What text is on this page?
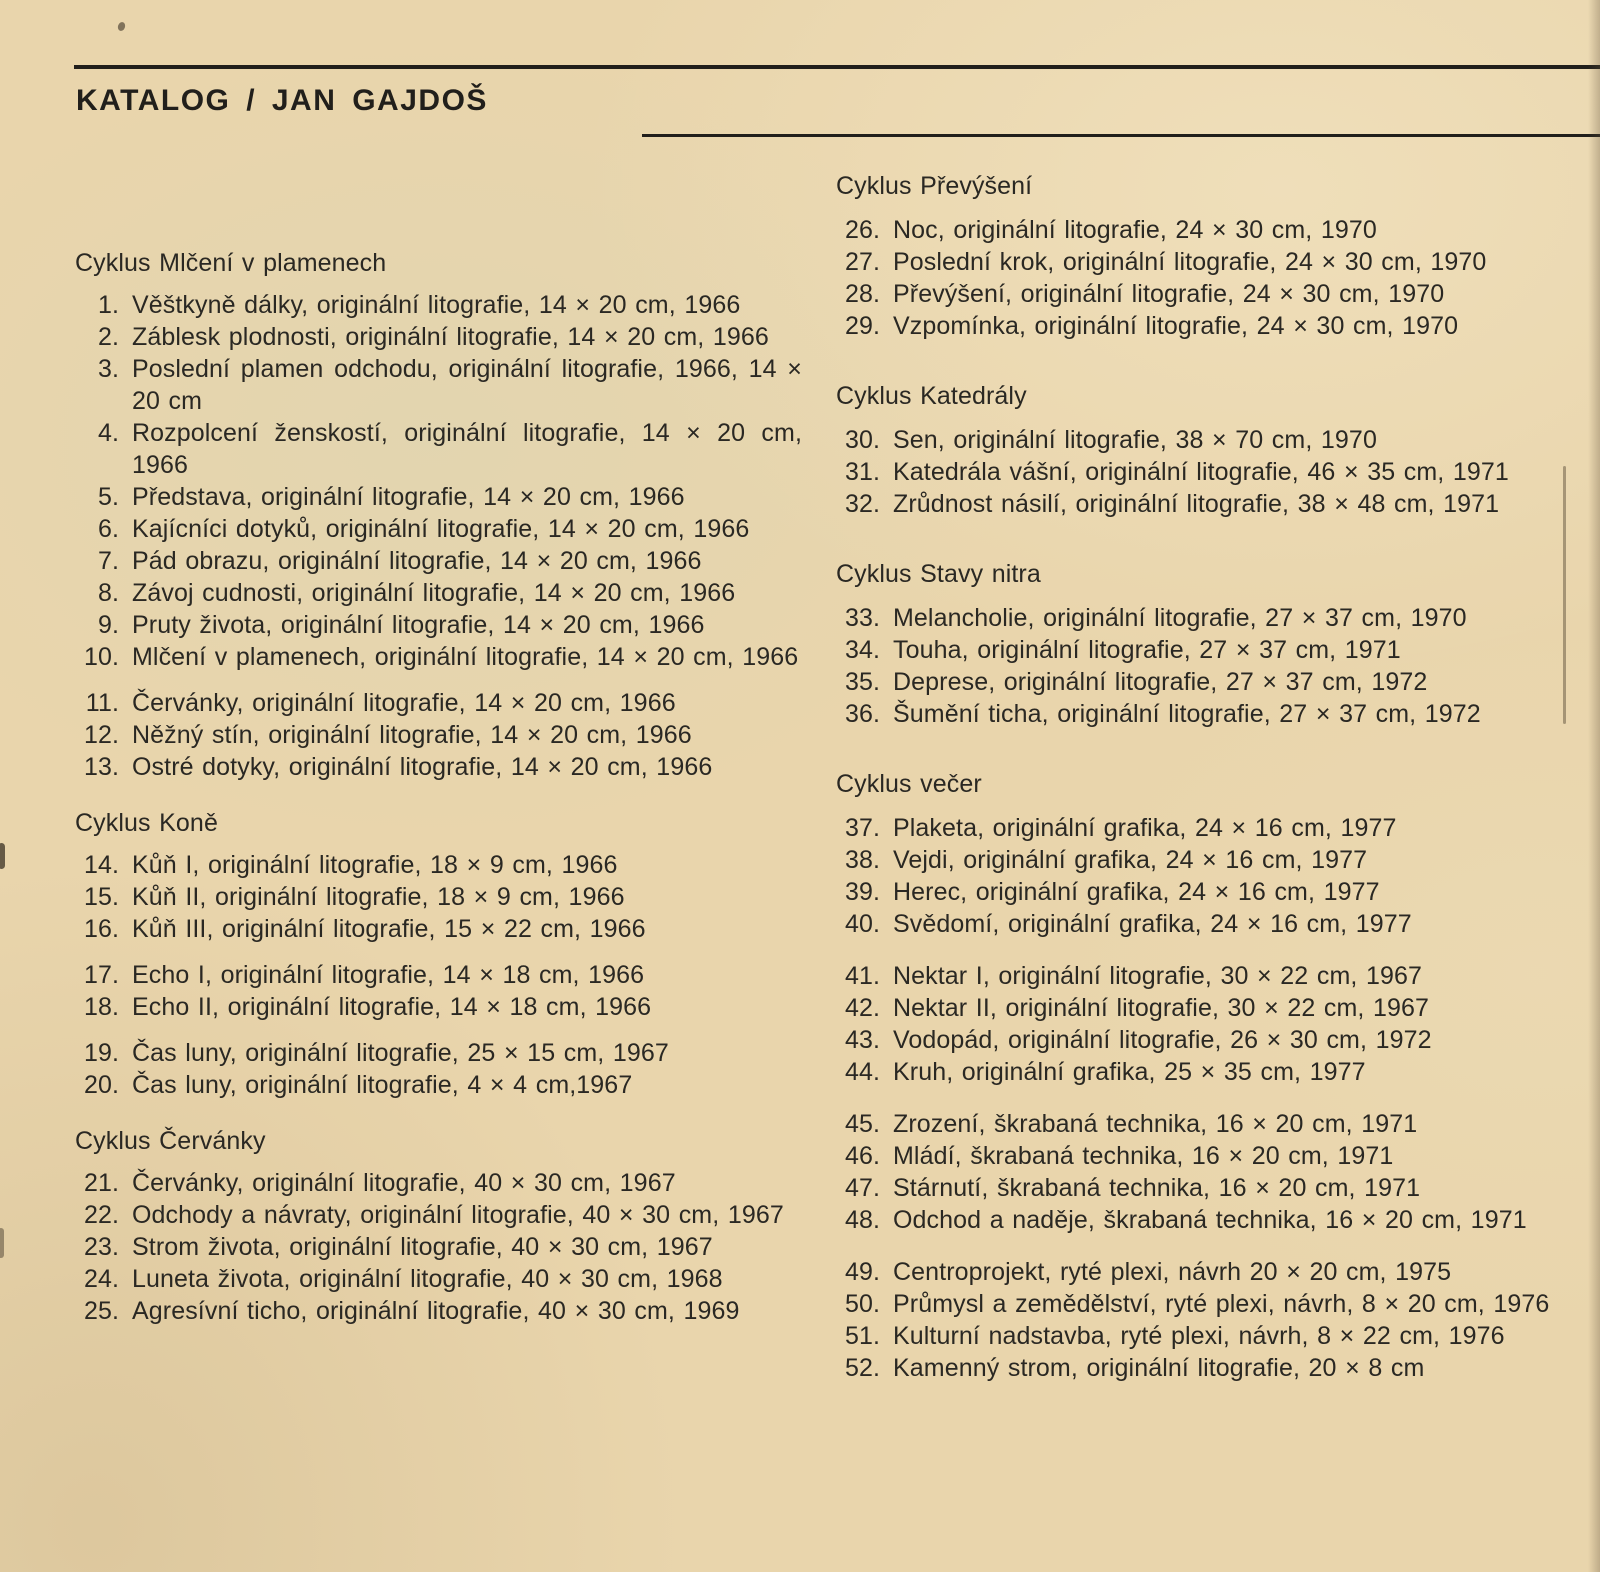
KATALOG / JAN GAJDOŠ
Cyklus Mlčení v plamenech
1. Věštkyně dálky, originální litografie, 14 × 20 cm, 1966
2. Záblesk plodnosti, originální litografie, 14 × 20 cm, 1966
3. Poslední plamen odchodu, originální litografie, 1966, 14 × 20 cm
4. Rozpolcení ženskostí, originální litografie, 14 × 20 cm, 1966
5. Představa, originální litografie, 14 × 20 cm, 1966
6. Kajícníci dotyků, originální litografie, 14 × 20 cm, 1966
7. Pád obrazu, originální litografie, 14 × 20 cm, 1966
8. Závoj cudnosti, originální litografie, 14 × 20 cm, 1966
9. Pruty života, originální litografie, 14 × 20 cm, 1966
10. Mlčení v plamenech, originální litografie, 14 × 20 cm, 1966
11. Červánky, originální litografie, 14 × 20 cm, 1966
12. Něžný stín, originální litografie, 14 × 20 cm, 1966
13. Ostré dotyky, originální litografie, 14 × 20 cm, 1966
Cyklus Koně
14. Kůň I, originální litografie, 18 × 9 cm, 1966
15. Kůň II, originální litografie, 18 × 9 cm, 1966
16. Kůň III, originální litografie, 15 × 22 cm, 1966
17. Echo I, originální litografie, 14 × 18 cm, 1966
18. Echo II, originální litografie, 14 × 18 cm, 1966
19. Čas luny, originální litografie, 25 × 15 cm, 1967
20. Čas luny, originální litografie, 4 × 4 cm,1967
Cyklus Červánky
21. Červánky, originální litografie, 40 × 30 cm, 1967
22. Odchody a návraty, originální litografie, 40 × 30 cm, 1967
23. Strom života, originální litografie, 40 × 30 cm, 1967
24. Luneta života, originální litografie, 40 × 30 cm, 1968
25. Agresívní ticho, originální litografie, 40 × 30 cm, 1969
Cyklus Převýšení
26. Noc, originální litografie, 24 × 30 cm, 1970
27. Poslední krok, originální litografie, 24 × 30 cm, 1970
28. Převýšení, originální litografie, 24 × 30 cm, 1970
29. Vzpomínka, originální litografie, 24 × 30 cm, 1970
Cyklus Katedrály
30. Sen, originální litografie, 38 × 70 cm, 1970
31. Katedrála vášní, originální litografie, 46 × 35 cm, 1971
32. Zrůdnost násilí, originální litografie, 38 × 48 cm, 1971
Cyklus Stavy nitra
33. Melancholie, originální litografie, 27 × 37 cm, 1970
34. Touha, originální litografie, 27 × 37 cm, 1971
35. Deprese, originální litografie, 27 × 37 cm, 1972
36. Šumění ticha, originální litografie, 27 × 37 cm, 1972
Cyklus večer
37. Plaketa, originální grafika, 24 × 16 cm, 1977
38. Vejdi, originální grafika, 24 × 16 cm, 1977
39. Herec, originální grafika, 24 × 16 cm, 1977
40. Svědomí, originální grafika, 24 × 16 cm, 1977
41. Nektar I, originální litografie, 30 × 22 cm, 1967
42. Nektar II, originální litografie, 30 × 22 cm, 1967
43. Vodopád, originální litografie, 26 × 30 cm, 1972
44. Kruh, originální grafika, 25 × 35 cm, 1977
45. Zrození, škrabaná technika, 16 × 20 cm, 1971
46. Mládí, škrabaná technika, 16 × 20 cm, 1971
47. Stárnutí, škrabaná technika, 16 × 20 cm, 1971
48. Odchod a naděje, škrabaná technika, 16 × 20 cm, 1971
49. Centroprojekt, ryté plexi, návrh 20 × 20 cm, 1975
50. Průmysl a zemědělství, ryté plexi, návrh, 8 × 20 cm, 1976
51. Kulturní nadstavba, ryté plexi, návrh, 8 × 22 cm, 1976
52. Kamenný strom, originální litografie, 20 × 8 cm
